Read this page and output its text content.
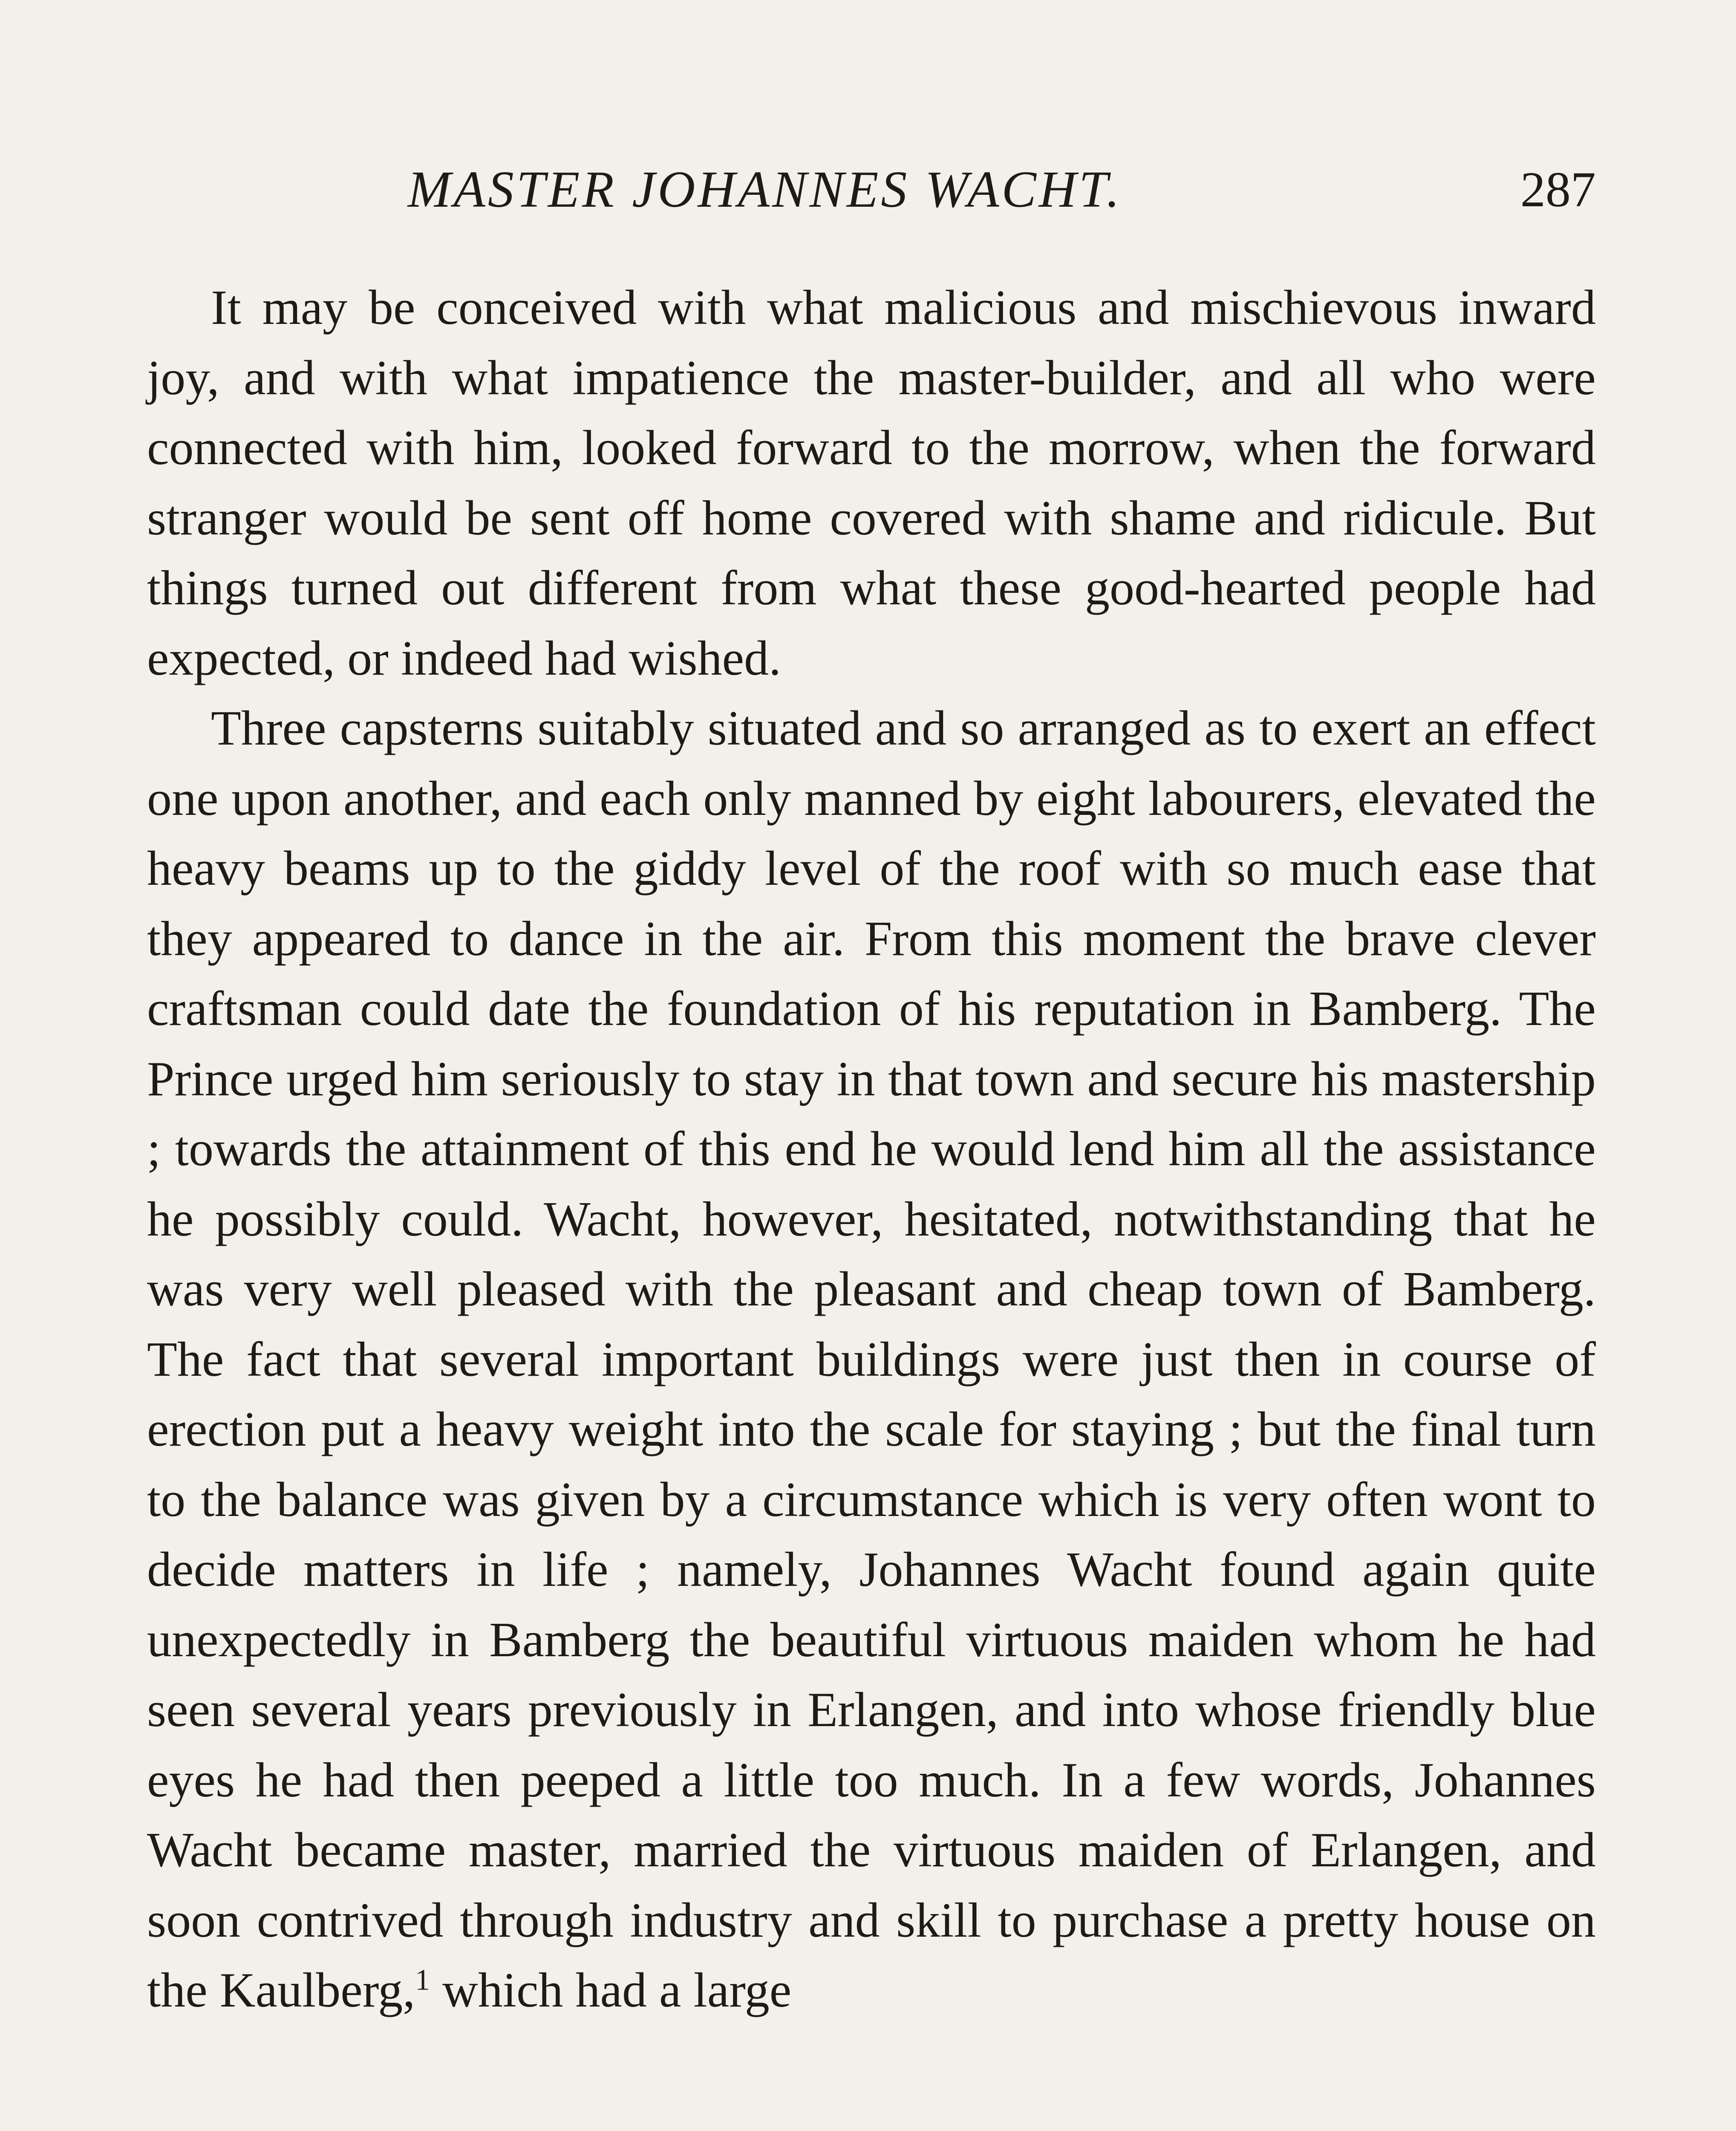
MASTER JOHANNES WACHT.	287

It may be conceived with what malicious and mischievous inward joy, and with what impatience the master-builder, and all who were connected with him, looked forward to the morrow, when the forward stranger would be sent off home covered with shame and ridicule. But things turned out different from what these good-hearted people had expected, or indeed had wished.

Three capsterns suitably situated and so arranged as to exert an effect one upon another, and each only manned by eight labourers, elevated the heavy beams up to the giddy level of the roof with so much ease that they appeared to dance in the air. From this moment the brave clever craftsman could date the foundation of his reputation in Bamberg. The Prince urged him seriously to stay in that town and secure his mastership ; towards the attainment of this end he would lend him all the assistance he possibly could. Wacht, however, hesitated, notwithstanding that he was very well pleased with the pleasant and cheap town of Bamberg. The fact that several important buildings were just then in course of erection put a heavy weight into the scale for staying ; but the final turn to the balance was given by a circumstance which is very often wont to decide matters in life ; namely, Johannes Wacht found again quite unexpectedly in Bamberg the beautiful virtuous maiden whom he had seen several years previously in Erlangen, and into whose friendly blue eyes he had then peeped a little too much. In a few words, Johannes Wacht became master, married the virtuous maiden of Erlangen, and soon contrived through industry and skill to purchase a pretty house on the Kaulberg,$^1$ which had a large
